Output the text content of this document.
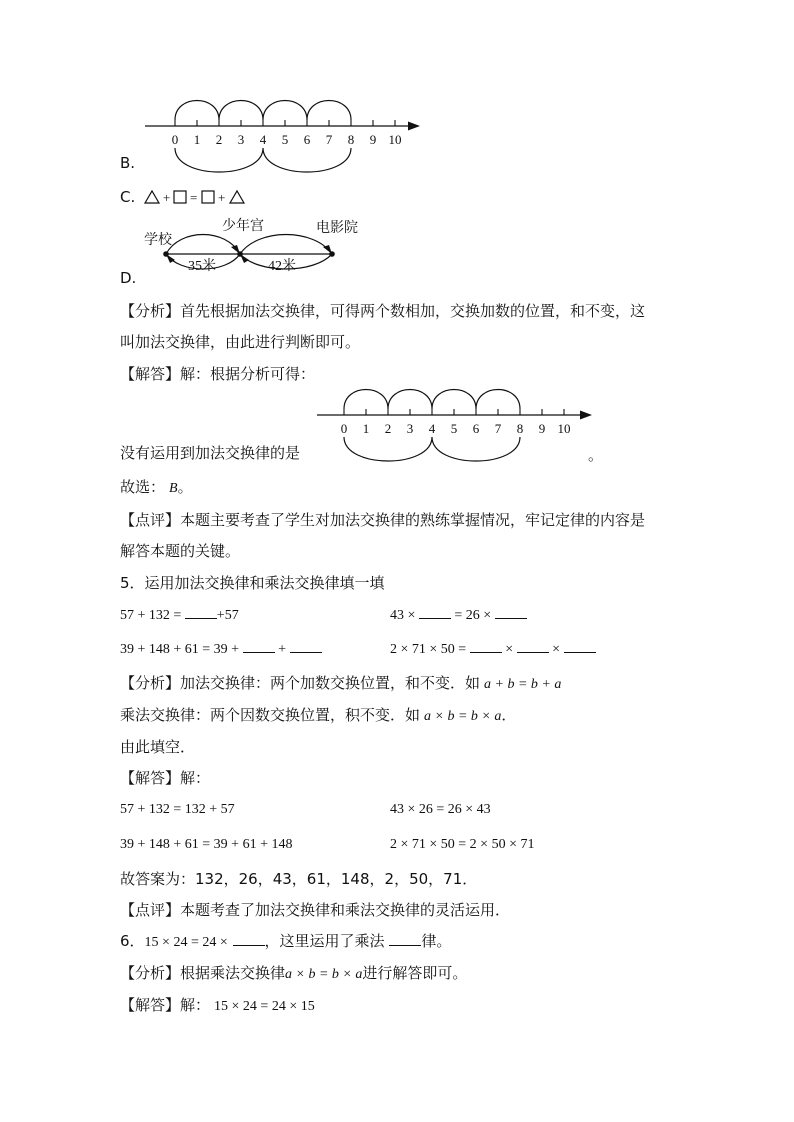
0 1 2 3 4 5 6 7 8 9 10
B.
C. + = +
学校
少年宫	电影院
35米	42米
D.
【分析】首先根据加法交换律，可得两个数相加，交换加数的位置，和不变，这
叫加法交换律，由此进行判断即可。
【解答】解：根据分析可得：
0 1 2 3 4 5 6 7 8 9 10
没有运用到加法交换律的是	。
故选： B。
【点评】本题主要考查了学生对加法交换律的熟练掌握情况，牢记定律的内容是
解答本题的关键。
5．运用加法交换律和乘法交换律填一填
57 + 132 =	+57	43 ×	= 26 ×
39 + 148 + 61 = 39 +	+	2 × 71 × 50 =	×	×
【分析】加法交换律：两个加数交换位置，和不变．如 a + b = b + a
乘法交换律：两个因数交换位置，积不变．如 a × b = b × a．
由此填空．
【解答】解：
57 + 132 = 132 + 57	43 × 26 = 26 × 43
39 + 148 + 61 = 39 + 61 + 148	2 × 71 × 50 = 2 × 50 × 71
故答案为：132，26，43，61，148，2，50，71．
【点评】本题考查了加法交换律和乘法交换律的灵活运用．
6．15 × 24 = 24 × ，这里运用了乘法 律。
【分析】根据乘法交换律a × b = b × a进行解答即可。
【解答】解： 15 × 24 = 24 × 15
